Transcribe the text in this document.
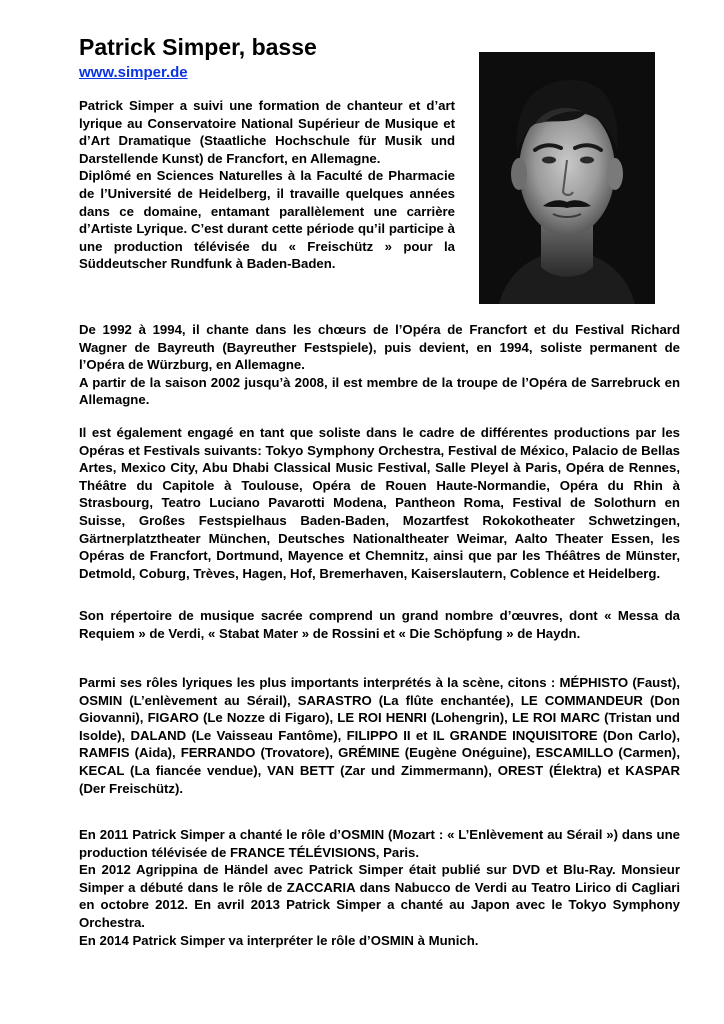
Patrick Simper, basse
www.simper.de

Patrick Simper a suivi une formation de chanteur et d’art lyrique au Conservatoire National Supérieur de Musique et d’Art Dramatique (Staatliche Hochschule für Musik und Darstellende Kunst) de Francfort, en Allemagne.
Diplômé en Sciences Naturelles à la Faculté de Pharmacie de l’Université de Heidelberg, il travaille quelques années dans ce domaine, entamant parallèlement une carrière d’Artiste Lyrique. C’est durant cette période qu’il participe à une production télévisée du « Freischütz » pour la Süddeutscher Rundfunk à Baden-Baden.

De 1992 à 1994, il chante dans les chœurs de l’Opéra de Francfort et du Festival Richard Wagner de Bayreuth (Bayreuther Festspiele), puis devient, en 1994, soliste permanent de l’Opéra de Würzburg, en Allemagne.
A partir de la saison 2002 jusqu’à 2008, il est membre de la troupe de l’Opéra de Sarrebruck en Allemagne.

Il est également engagé en tant que soliste dans le cadre de différentes productions par les Opéras et Festivals suivants: Tokyo Symphony Orchestra, Festival de México, Palacio de Bellas Artes, Mexico City, Abu Dhabi Classical Music Festival, Salle Pleyel à Paris, Opéra de Rennes, Théâtre du Capitole à Toulouse, Opéra de Rouen Haute-Normandie, Opéra du Rhin à Strasbourg, Teatro Luciano Pavarotti Modena, Pantheon Roma, Festival de Solothurn en Suisse, Großes Festspielhaus Baden-Baden, Mozartfest Rokokotheater Schwetzingen, Gärtnerplatztheater München, Deutsches Nationaltheater Weimar, Aalto Theater Essen, les Opéras de Francfort, Dortmund, Mayence et Chemnitz, ainsi que par les Théâtres de Münster, Detmold, Coburg, Trèves, Hagen, Hof, Bremerhaven, Kaiserslautern, Coblence et Heidelberg.

Son répertoire de musique sacrée comprend un grand nombre d’œuvres, dont « Messa da Requiem » de Verdi, « Stabat Mater » de Rossini et « Die Schöpfung » de Haydn.

Parmi ses rôles lyriques les plus importants interprétés à la scène, citons : MÉPHISTO (Faust), OSMIN (L’enlèvement au Sérail), SARASTRO (La flûte enchantée), LE COMMANDEUR (Don Giovanni), FIGARO (Le Nozze di Figaro), LE ROI HENRI (Lohengrin), LE ROI MARC (Tristan und Isolde), DALAND (Le Vaisseau Fantôme), FILIPPO II et IL GRANDE INQUISITORE (Don Carlo), RAMFIS (Aida), FERRANDO (Trovatore), GRÉMINE (Eugène Onéguine), ESCAMILLO (Carmen), KECAL (La fiancée vendue), VAN BETT (Zar und Zimmermann), OREST (Élektra) et KASPAR (Der Freischütz).

En 2011 Patrick Simper a chanté le rôle d’OSMIN (Mozart : « L’Enlèvement au Sérail ») dans une production télévisée de FRANCE TÉLÉVISIONS, Paris.
En 2012 Agrippina de Händel avec Patrick Simper était publié sur DVD et Blu-Ray. Monsieur Simper a débuté dans le rôle de ZACCARIA dans Nabucco de Verdi au Teatro Lirico di Cagliari en octobre 2012. En avril 2013 Patrick Simper a chanté au Japon avec le Tokyo Symphony Orchestra.
En 2014 Patrick Simper va interpréter le rôle d’OSMIN à Munich.
